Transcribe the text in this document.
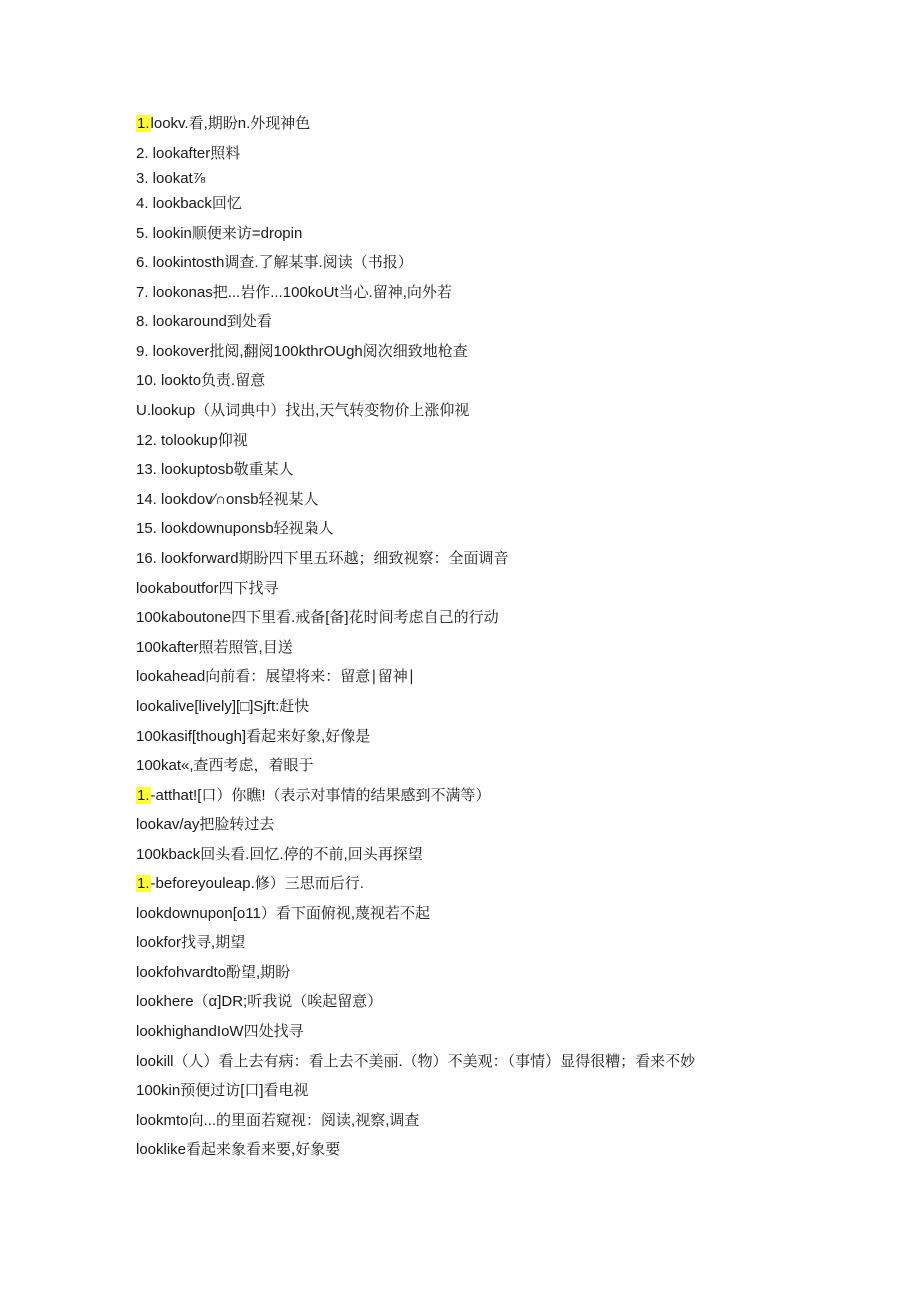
1.lookv.看,期盼n.外现神色
2. lookafter照料
3. lookat⅞
4. lookback回忆
5. lookin顺便来访=dropin
6. lookintosth调查.了解某事.阅读（书报）
7. lookonas把...岩作...100kοUt当心.留神,向外若
8. lookaround到处看
9. lookover批阅,翻阅100kthrOUgh阅次细致地枪查
10. lookto负责.留意
U.lookup（从词典中）找出,天气转变物价上涨仰视
12. tolookup仰视
13. lookuptosb敬重某人
14. lookdov∕∩onsb轻视某人
15. lookdownuponsb轻视枭人
16. lookforward期盼四下里五环越；细致视察：全面调音
lookaboutfor四下找寻
100kaboutone四下里看.戒备[备]花时间考虑自己的行动
100kafter照若照管,目送
lookahead向前看：展望将来：留意∣留神∣
lookalive[lively][□]Sjft:赶快
100kasif[though]看起来好象,好像是
100kat«,查西考虑，着眼于
1.-atthat![口）你瞧!（表示对事情的结果感到不满等）
lookav/ay把脸转过去
100kback回头看.回忆.停的不前,回头再探望
1.-beforeyouleap.修）三思而后行.
lookdownupon[o11）看下面俯视,蔑视若不起
lookfor找寻,期望
lookfohvardto酚望,期盼
lookhere（α]DR;听我说（唉起留意）
lookhighandIoW四处找寻
lookill（人）看上去有病：看上去不美丽.（物）不美观：（事情）显得很糟；看来不妙
100kin预便过访[口]看电视
lookmto向...的里面若窥视：阅读,视察,调查
looklike看起来象看来要,好象要
